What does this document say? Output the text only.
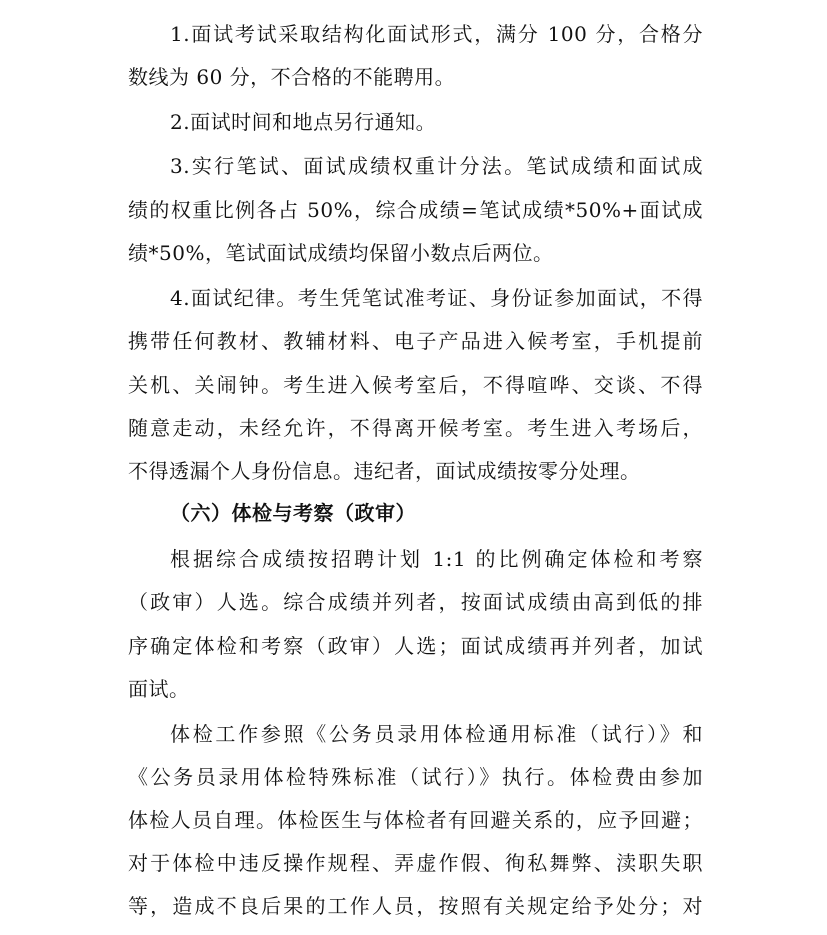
1.面试考试采取结构化面试形式，满分 100 分，合格分
数线为 60 分，不合格的不能聘用。
2.面试时间和地点另行通知。
3.实行笔试、面试成绩权重计分法。笔试成绩和面试成
绩的权重比例各占 50%，综合成绩=笔试成绩*50%+面试成
绩*50%，笔试面试成绩均保留小数点后两位。
4.面试纪律。考生凭笔试准考证、身份证参加面试，不得
携带任何教材、教辅材料、电子产品进入候考室，手机提前
关机、关闹钟。考生进入候考室后，不得喧哗、交谈、不得
随意走动，未经允许，不得离开候考室。考生进入考场后，
不得透漏个人身份信息。违纪者，面试成绩按零分处理。
（六）体检与考察（政审）
根据综合成绩按招聘计划 1:1 的比例确定体检和考察
（政审）人选。综合成绩并列者，按面试成绩由高到低的排
序确定体检和考察（政审）人选；面试成绩再并列者，加试
面试。
体检工作参照《公务员录用体检通用标准（试行）》和
《公务员录用体检特殊标准（试行）》执行。体检费由参加
体检人员自理。体检医生与体检者有回避关系的，应予回避；
对于体检中违反操作规程、弄虚作假、徇私舞弊、渎职失职
等，造成不良后果的工作人员，按照有关规定给予处分；对
